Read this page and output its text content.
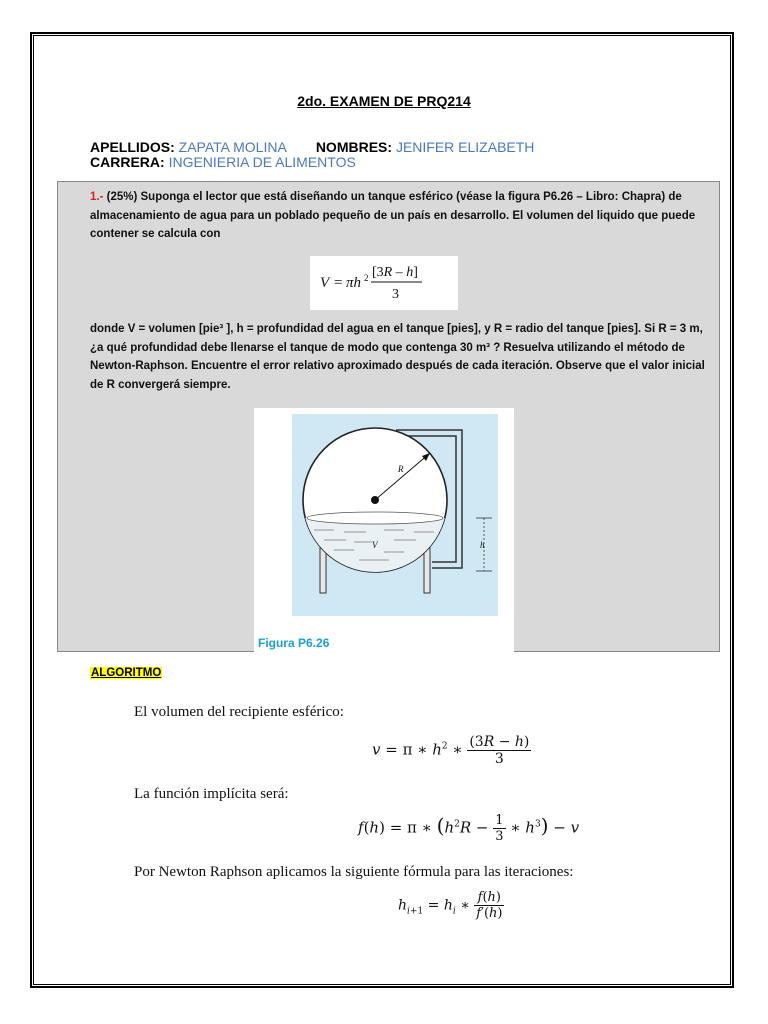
2do. EXAMEN DE PRQ214
APELLIDOS: ZAPATA MOLINA NOMBRES: JENIFER ELIZABETH
CARRERA: INGENIERIA DE ALIMENTOS
1.- (25%) Suponga el lector que está diseñando un tanque esférico (véase la figura P6.26 – Libro: Chapra) de almacenamiento de agua para un poblado pequeño de un país en desarrollo. El volumen del liquido que puede contener se calcula con
V = πh 2 [3R – h]
3
donde V = volumen [pie³ ], h = profundidad del agua en el tanque [pies], y R = radio del tanque [pies]. Si R = 3 m, ¿a qué profundidad debe llenarse el tanque de modo que contenga 30 m³ ? Resuelva utilizando el método de Newton-Raphson. Encuentre el error relativo aproximado después de cada iteración. Observe que el valor inicial de R convergerá siempre.
R
V	h
Figura P6.26
ALGORITMO
El volumen del recipiente esférico:
v = π ∗ $h^2$ ∗ $\frac{(3R - h)}{3}$
La función implícita será:
f(h) = π ∗ ($h^2R - \frac{1}{3}$ ∗ $h^3) - v$
Por Newton Raphson aplicamos la siguiente fórmula para las iteraciones:
$h_{i+1} = h_i$ ∗ $\frac{f(h)}{f'(h)}$
